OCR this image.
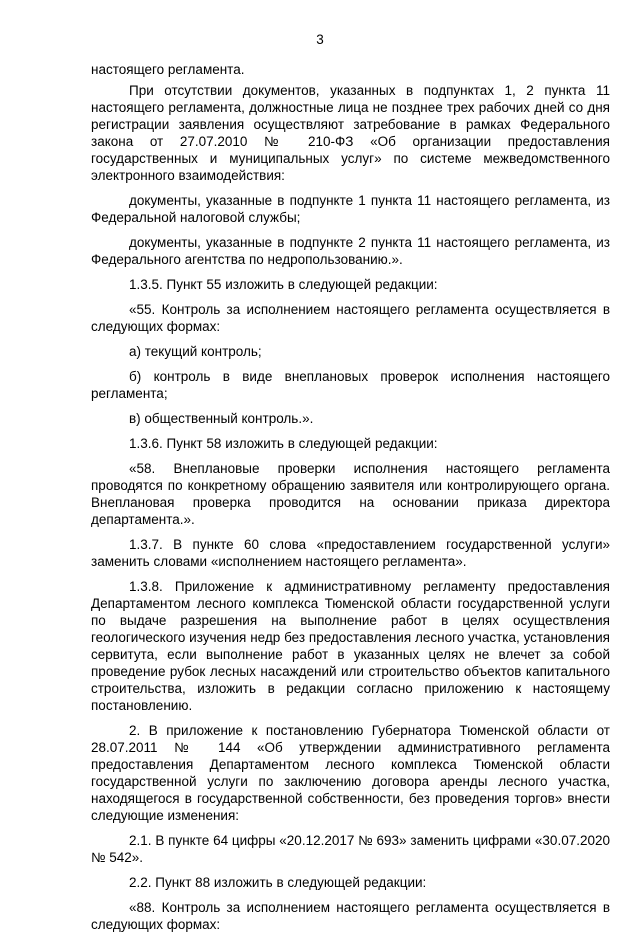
3

настоящего регламента.

При отсутствии документов, указанных в подпунктах 1, 2 пункта 11 настоящего регламента, должностные лица не позднее трех рабочих дней со дня регистрации заявления осуществляют затребование в рамках Федерального закона от 27.07.2010 № 210-ФЗ «Об организации предоставления государственных и муниципальных услуг» по системе межведомственного электронного взаимодействия:

документы, указанные в подпункте 1 пункта 11 настоящего регламента, из Федеральной налоговой службы;

документы, указанные в подпункте 2 пункта 11 настоящего регламента, из Федерального агентства по недропользованию.».

1.3.5. Пункт 55 изложить в следующей редакции:

«55. Контроль за исполнением настоящего регламента осуществляется в следующих формах:

а) текущий контроль;

б) контроль в виде внеплановых проверок исполнения настоящего регламента;

в) общественный контроль.».

1.3.6. Пункт 58 изложить в следующей редакции:

«58. Внеплановые проверки исполнения настоящего регламента проводятся по конкретному обращению заявителя или контролирующего органа. Внеплановая проверка проводится на основании приказа директора департамента.».

1.3.7. В пункте 60 слова «предоставлением государственной услуги» заменить словами «исполнением настоящего регламента».

1.3.8. Приложение к административному регламенту предоставления Департаментом лесного комплекса Тюменской области государственной услуги по выдаче разрешения на выполнение работ в целях осуществления геологического изучения недр без предоставления лесного участка, установления сервитута, если выполнение работ в указанных целях не влечет за собой проведение рубок лесных насаждений или строительство объектов капитального строительства, изложить в редакции согласно приложению к настоящему постановлению.

2. В приложение к постановлению Губернатора Тюменской области от 28.07.2011 № 144 «Об утверждении административного регламента предоставления Департаментом лесного комплекса Тюменской области государственной услуги по заключению договора аренды лесного участка, находящегося в государственной собственности, без проведения торгов» внести следующие изменения:

2.1. В пункте 64 цифры «20.12.2017 № 693» заменить цифрами «30.07.2020 № 542».

2.2. Пункт 88 изложить в следующей редакции:

«88. Контроль за исполнением настоящего регламента осуществляется в следующих формах:
